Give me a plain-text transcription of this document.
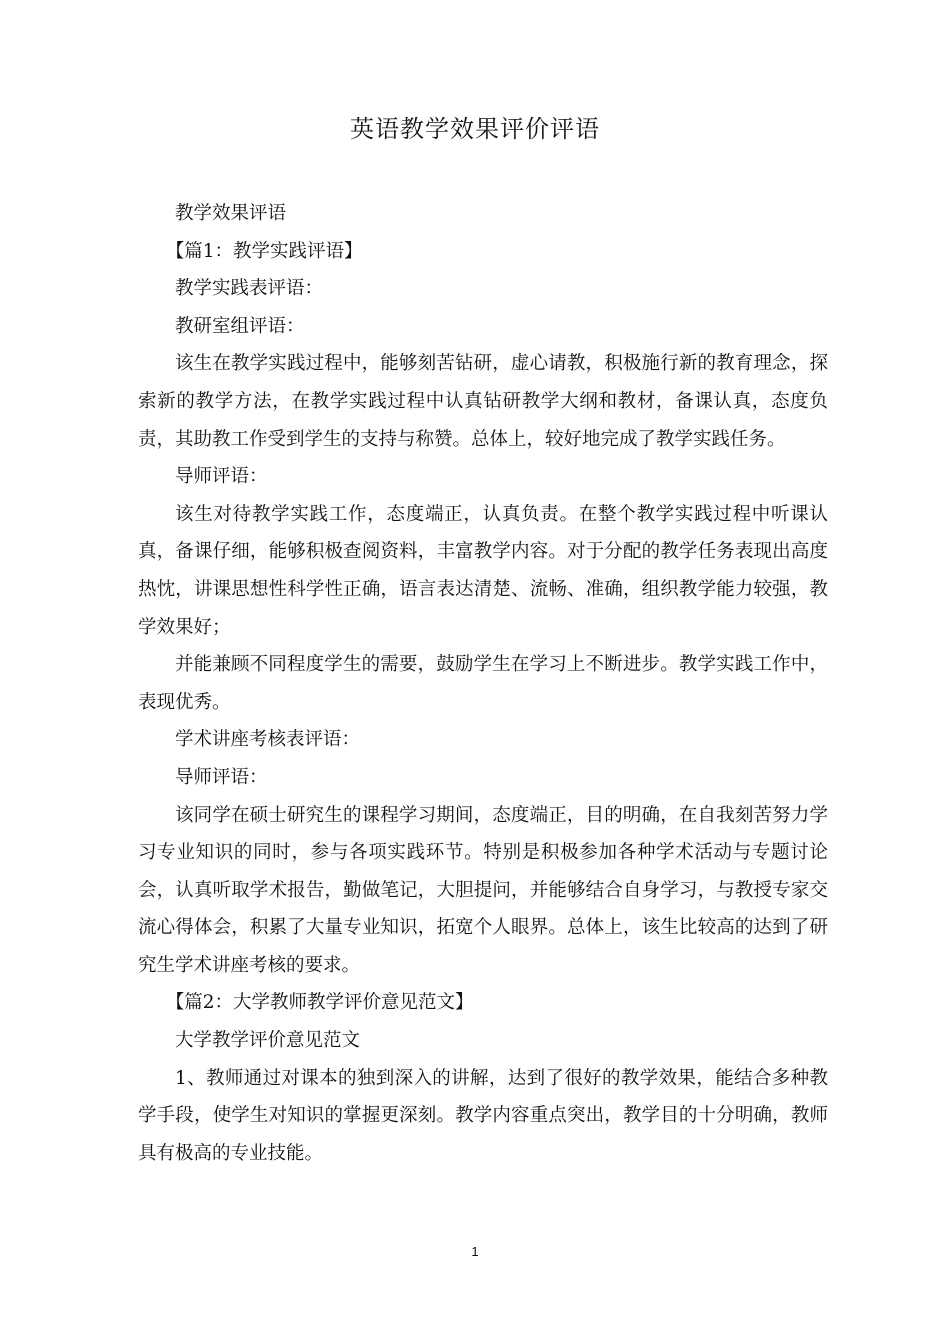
英语教学效果评价评语

教学效果评语

【篇1：教学实践评语】

教学实践表评语：

教研室组评语：

该生在教学实践过程中，能够刻苦钻研，虚心请教，积极施行新的教育理念，探索新的教学方法，在教学实践过程中认真钻研教学大纲和教材，备课认真，态度负责，其助教工作受到学生的支持与称赞。总体上，较好地完成了教学实践任务。

导师评语：

该生对待教学实践工作，态度端正，认真负责。在整个教学实践过程中听课认真，备课仔细，能够积极查阅资料，丰富教学内容。对于分配的教学任务表现出高度热忱，讲课思想性科学性正确，语言表达清楚、流畅、准确，组织教学能力较强，教学效果好；

并能兼顾不同程度学生的需要，鼓励学生在学习上不断进步。教学实践工作中，表现优秀。

学术讲座考核表评语：

导师评语：

该同学在硕士研究生的课程学习期间，态度端正，目的明确，在自我刻苦努力学习专业知识的同时，参与各项实践环节。特别是积极参加各种学术活动与专题讨论会，认真听取学术报告，勤做笔记，大胆提问，并能够结合自身学习，与教授专家交流心得体会，积累了大量专业知识，拓宽个人眼界。总体上，该生比较高的达到了研究生学术讲座考核的要求。

【篇2：大学教师教学评价意见范文】

大学教学评价意见范文

1、教师通过对课本的独到深入的讲解，达到了很好的教学效果，能结合多种教学手段，使学生对知识的掌握更深刻。教学内容重点突出，教学目的十分明确，教师具有极高的专业技能。

1
